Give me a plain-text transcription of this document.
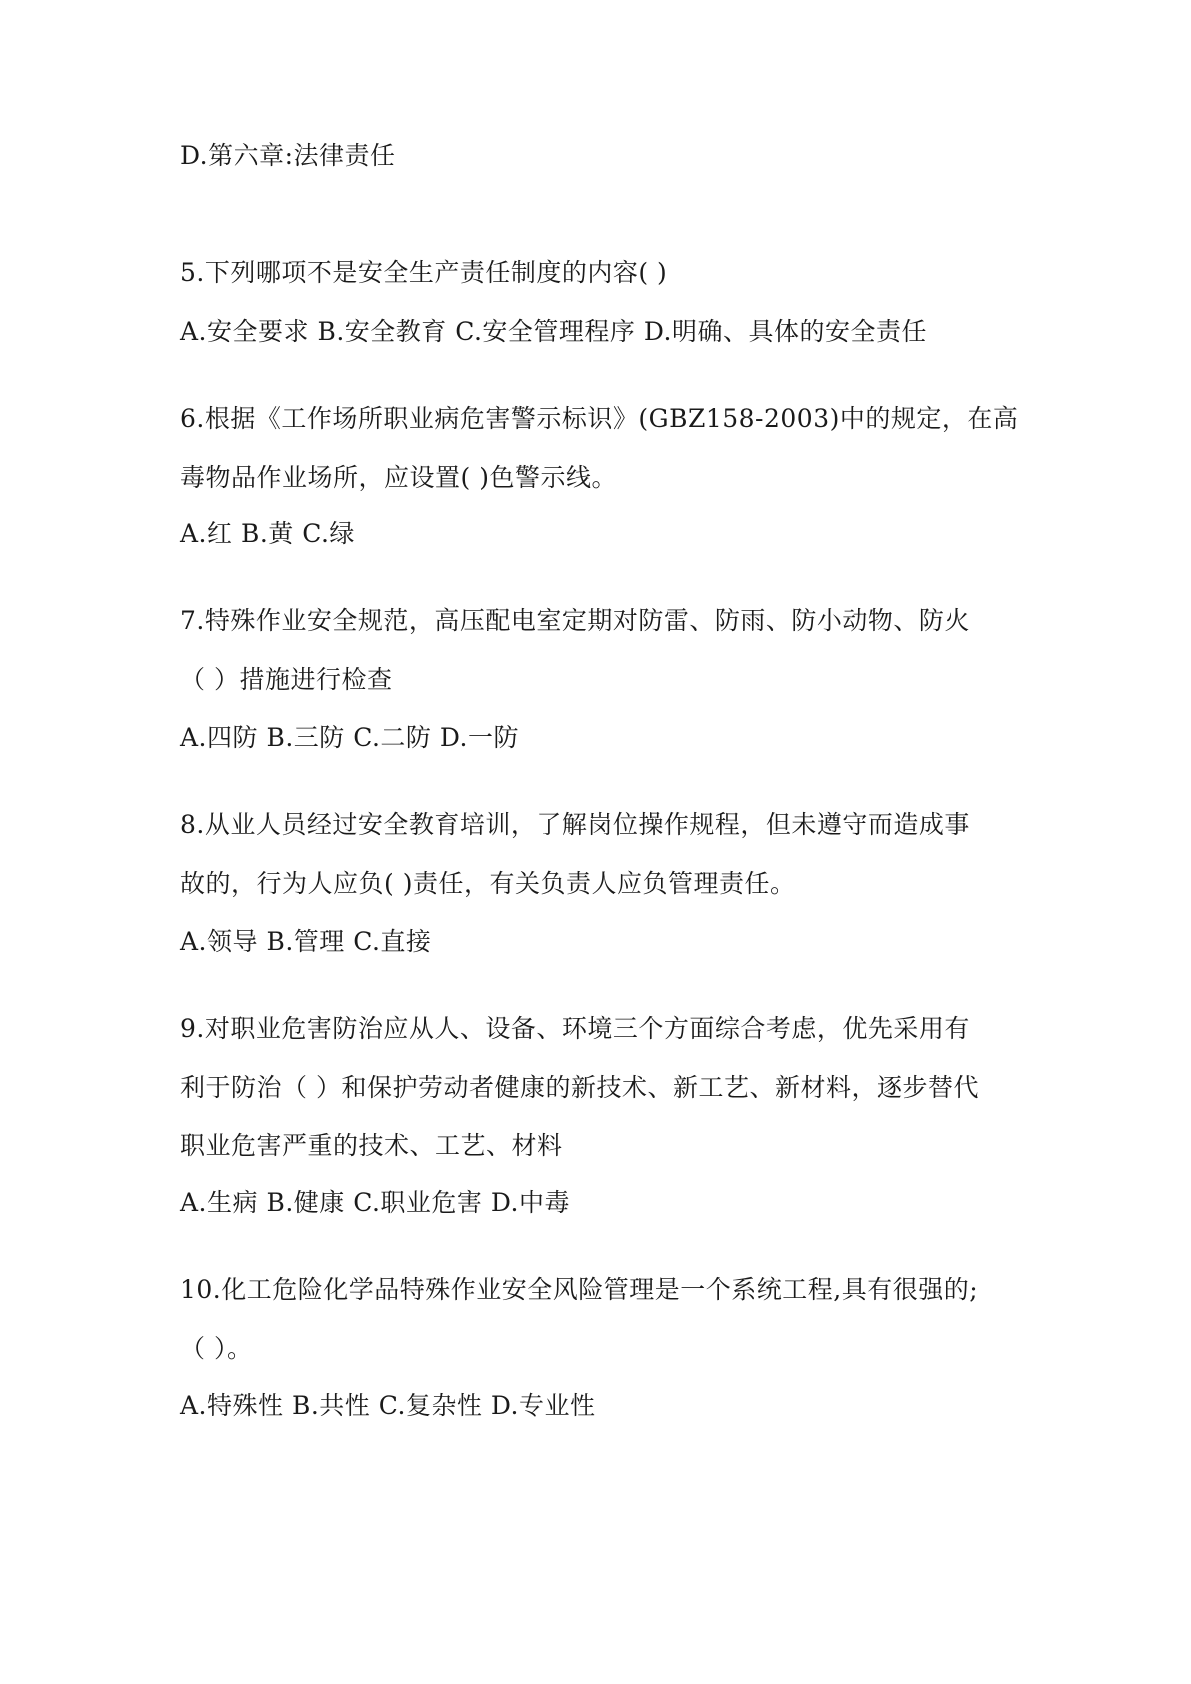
D.第六章:法律责任
5.下列哪项不是安全生产责任制度的内容( )
A.安全要求 B.安全教育 C.安全管理程序 D.明确、具体的安全责任
6.根据《工作场所职业病危害警示标识》(GBZ158-2003)中的规定，在高
毒物品作业场所，应设置( )色警示线。
A.红 B.黄 C.绿
7.特殊作业安全规范，高压配电室定期对防雷、防雨、防小动物、防火
（ ）措施进行检查
A.四防 B.三防 C.二防 D.一防
8.从业人员经过安全教育培训，了解岗位操作规程，但未遵守而造成事
故的，行为人应负( )责任，有关负责人应负管理责任。
A.领导 B.管理 C.直接
9.对职业危害防治应从人、设备、环境三个方面综合考虑，优先采用有
利于防治（ ）和保护劳动者健康的新技术、新工艺、新材料，逐步替代
职业危害严重的技术、工艺、材料
A.生病 B.健康 C.职业危害 D.中毒
10.化工危险化学品特殊作业安全风险管理是一个系统工程,具有很强的;
（ ）。
A.特殊性 B.共性 C.复杂性 D.专业性
